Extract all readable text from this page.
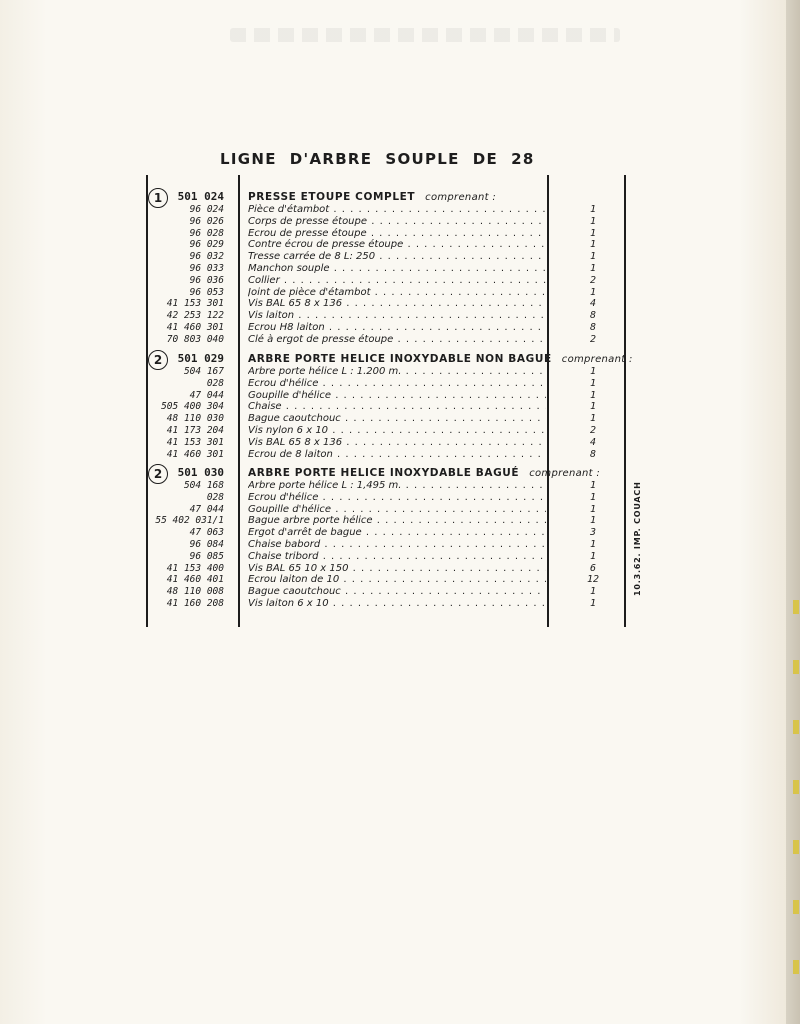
LIGNE  D'ARBRE  SOUPLE  DE  28
1	501 024 PRESSE ETOUPE COMPLET comprenant :
96 024 Pièce d'étambot . . .	1
96 026 Corps de presse étoupe . . .	1
96 028 Ecrou de presse étoupe . . .	1
96 029 Contre écrou de presse étoupe . . .	1
96 032 Tresse carrée de 8 L: 250 . . .	1
96 033 Manchon souple . . .	1
96 036 Collier . . .	2
96 053 Joint de pièce d'étambot . . .	1
41 153 301 Vis BAL 65 8 x 136 . . .	4
42 253 122 Vis laiton . . .	8
41 460 301 Ecrou H8 laiton . . .	8
70 803 040 Clé à ergot de presse étoupe . . .	2
2	501 029 ARBRE PORTE HELICE INOXYDABLE NON BAGUÉ comprenant :
504 167 Arbre porte hélice L : 1.200 m. . . .	1
028 Ecrou d'hélice . . .	1
47 044 Goupille d'hélice . . .	1
505 400 304 Chaise . . .	1
48 110 030 Bague caoutchouc . . .	1
41 173 204 Vis nylon 6 x 10 . . .	2
41 153 301 Vis BAL 65 8 x 136 . . .	4
41 460 301 Ecrou de 8 laiton . . .	8
2	501 030 ARBRE PORTE HELICE INOXYDABLE BAGUÉ comprenant :
504 168 Arbre porte hélice L : 1,495 m. . . .	1
028 Ecrou d'hélice . . .	1
47 044 Goupille d'hélice . . .	1
55 402 031/1 Bague arbre porte hélice . . .	1
47 063 Ergot d'arrêt de bague . . .	3
96 084 Chaise babord . . .	1
96 085 Chaise tribord . . .	1
41 153 400 Vis BAL 65 10 x 150 . . .	6
41 460 401 Ecrou laiton de 10 . . .	12
48 110 008 Bague caoutchouc . . .	1
41 160 208 Vis laiton 6 x 10 . . .	1
10.3.62. IMP. COUACH
